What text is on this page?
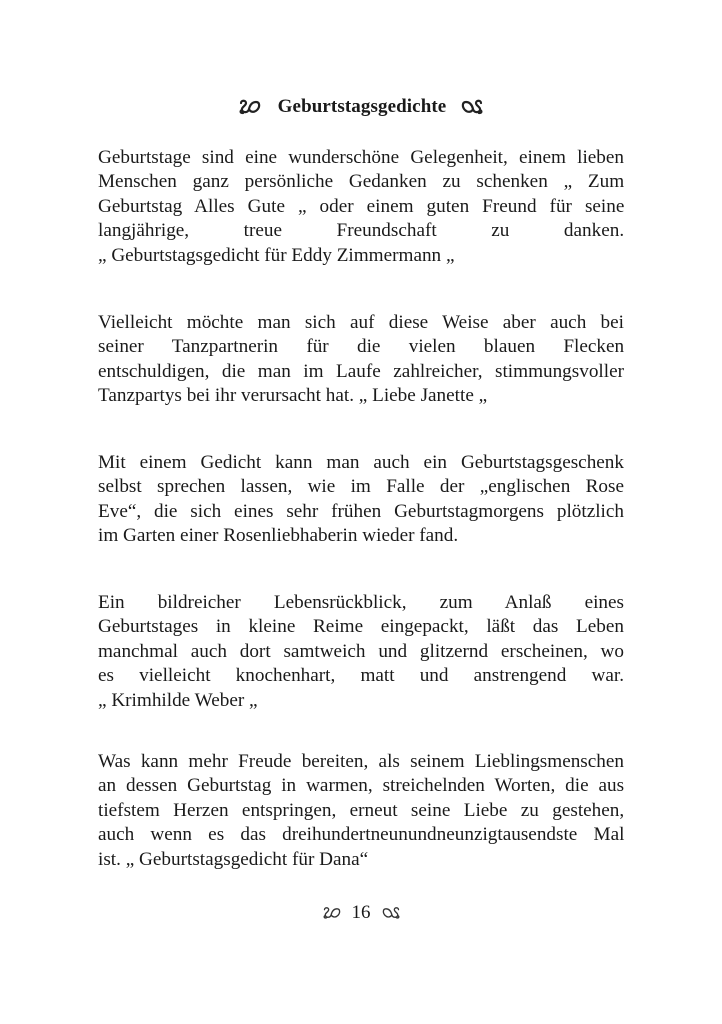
Geburtstagsgedichte

Geburtstage sind eine wunderschöne Gelegenheit, einem lieben
Menschen ganz persönliche Gedanken zu schenken „ Zum
Geburtstag Alles Gute „ oder einem guten Freund für seine
langjährige, treue Freundschaft zu danken.
„ Geburtstagsgedicht für Eddy Zimmermann „

Vielleicht möchte man sich auf diese Weise aber auch bei
seiner Tanzpartnerin für die vielen blauen Flecken
entschuldigen, die man im Laufe zahlreicher, stimmungsvoller
Tanzpartys bei ihr verursacht hat. „ Liebe Janette „

Mit einem Gedicht kann man auch ein Geburtstagsgeschenk
selbst sprechen lassen, wie im Falle der „englischen Rose
Eve“, die sich eines sehr frühen Geburtstagmorgens plötzlich
im Garten einer Rosenliebhaberin wieder fand.

Ein bildreicher Lebensrückblick, zum Anlaß eines
Geburtstages in kleine Reime eingepackt, läßt das Leben
manchmal auch dort samtweich und glitzernd erscheinen, wo
es vielleicht knochenhart, matt und anstrengend war.
„ Krimhilde Weber „

Was kann mehr Freude bereiten, als seinem Lieblingsmenschen
an dessen Geburtstag in warmen, streichelnden Worten, die aus
tiefstem Herzen entspringen, erneut seine Liebe zu gestehen,
auch wenn es das dreihundertneunundneunzigtausendste Mal
ist. „ Geburtstagsgedicht für Dana“

16
